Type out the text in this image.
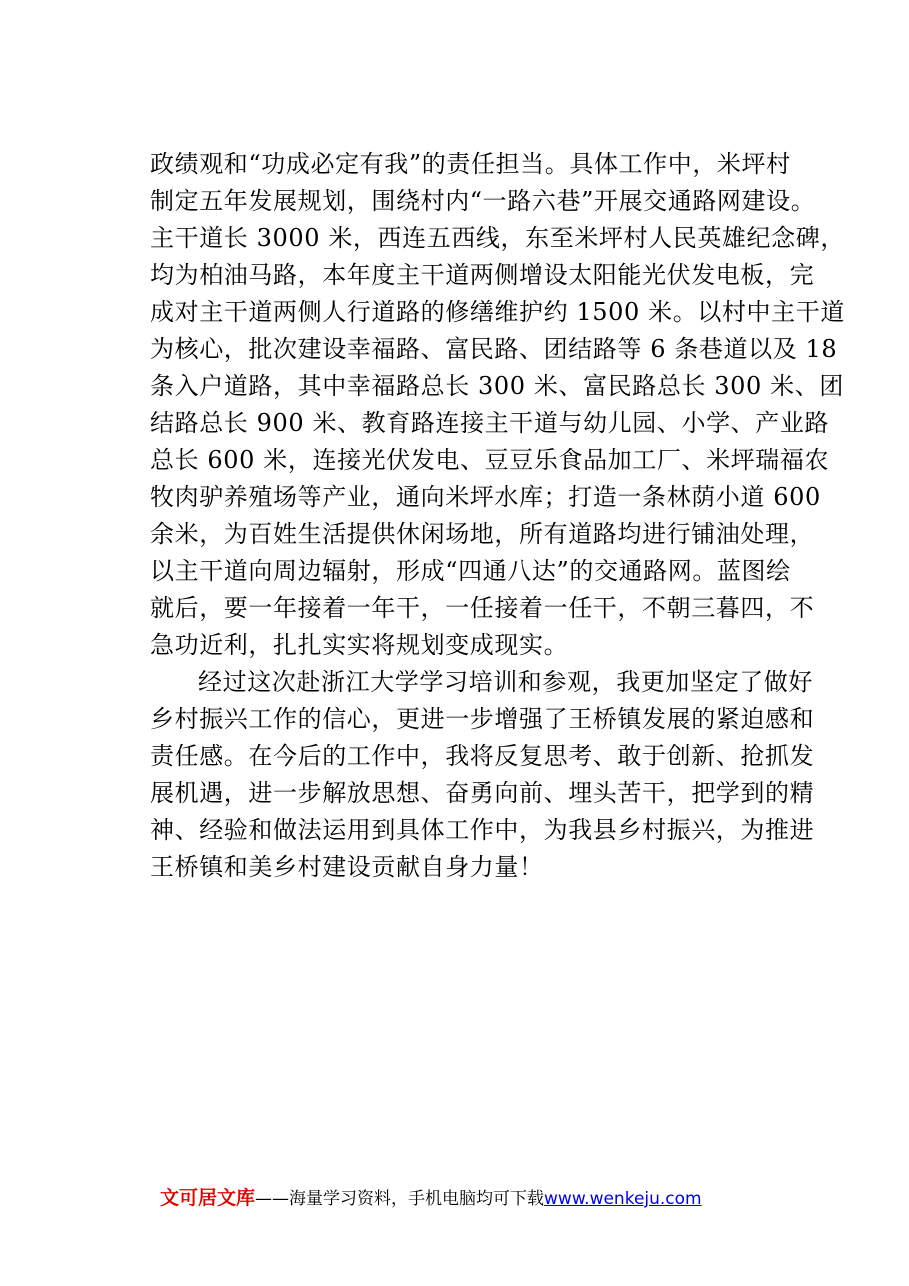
政绩观和“功成必定有我”的责任担当。具体工作中，米坪村
制定五年发展规划，围绕村内“一路六巷”开展交通路网建设。
主干道长 3000 米，西连五西线，东至米坪村人民英雄纪念碑，
均为柏油马路，本年度主干道两侧增设太阳能光伏发电板，完
成对主干道两侧人行道路的修缮维护约 1500 米。以村中主干道
为核心，批次建设幸福路、富民路、团结路等 6 条巷道以及 18
条入户道路，其中幸福路总长 300 米、富民路总长 300 米、团
结路总长 900 米、教育路连接主干道与幼儿园、小学、产业路
总长 600 米，连接光伏发电、豆豆乐食品加工厂、米坪瑞福农
牧肉驴养殖场等产业，通向米坪水库；打造一条林荫小道 600
余米，为百姓生活提供休闲场地，所有道路均进行铺油处理，
以主干道向周边辐射，形成“四通八达”的交通路网。蓝图绘
就后，要一年接着一年干，一任接着一任干，不朝三暮四，不
急功近利，扎扎实实将规划变成现实。
经过这次赴浙江大学学习培训和参观，我更加坚定了做好
乡村振兴工作的信心，更进一步增强了王桥镇发展的紧迫感和
责任感。在今后的工作中，我将反复思考、敢于创新、抢抓发
展机遇，进一步解放思想、奋勇向前、埋头苦干，把学到的精
神、经验和做法运用到具体工作中，为我县乡村振兴，为推进
王桥镇和美乡村建设贡献自身力量！
文可居文库——海量学习资料，手机电脑均可下载www.wenkeju.com
